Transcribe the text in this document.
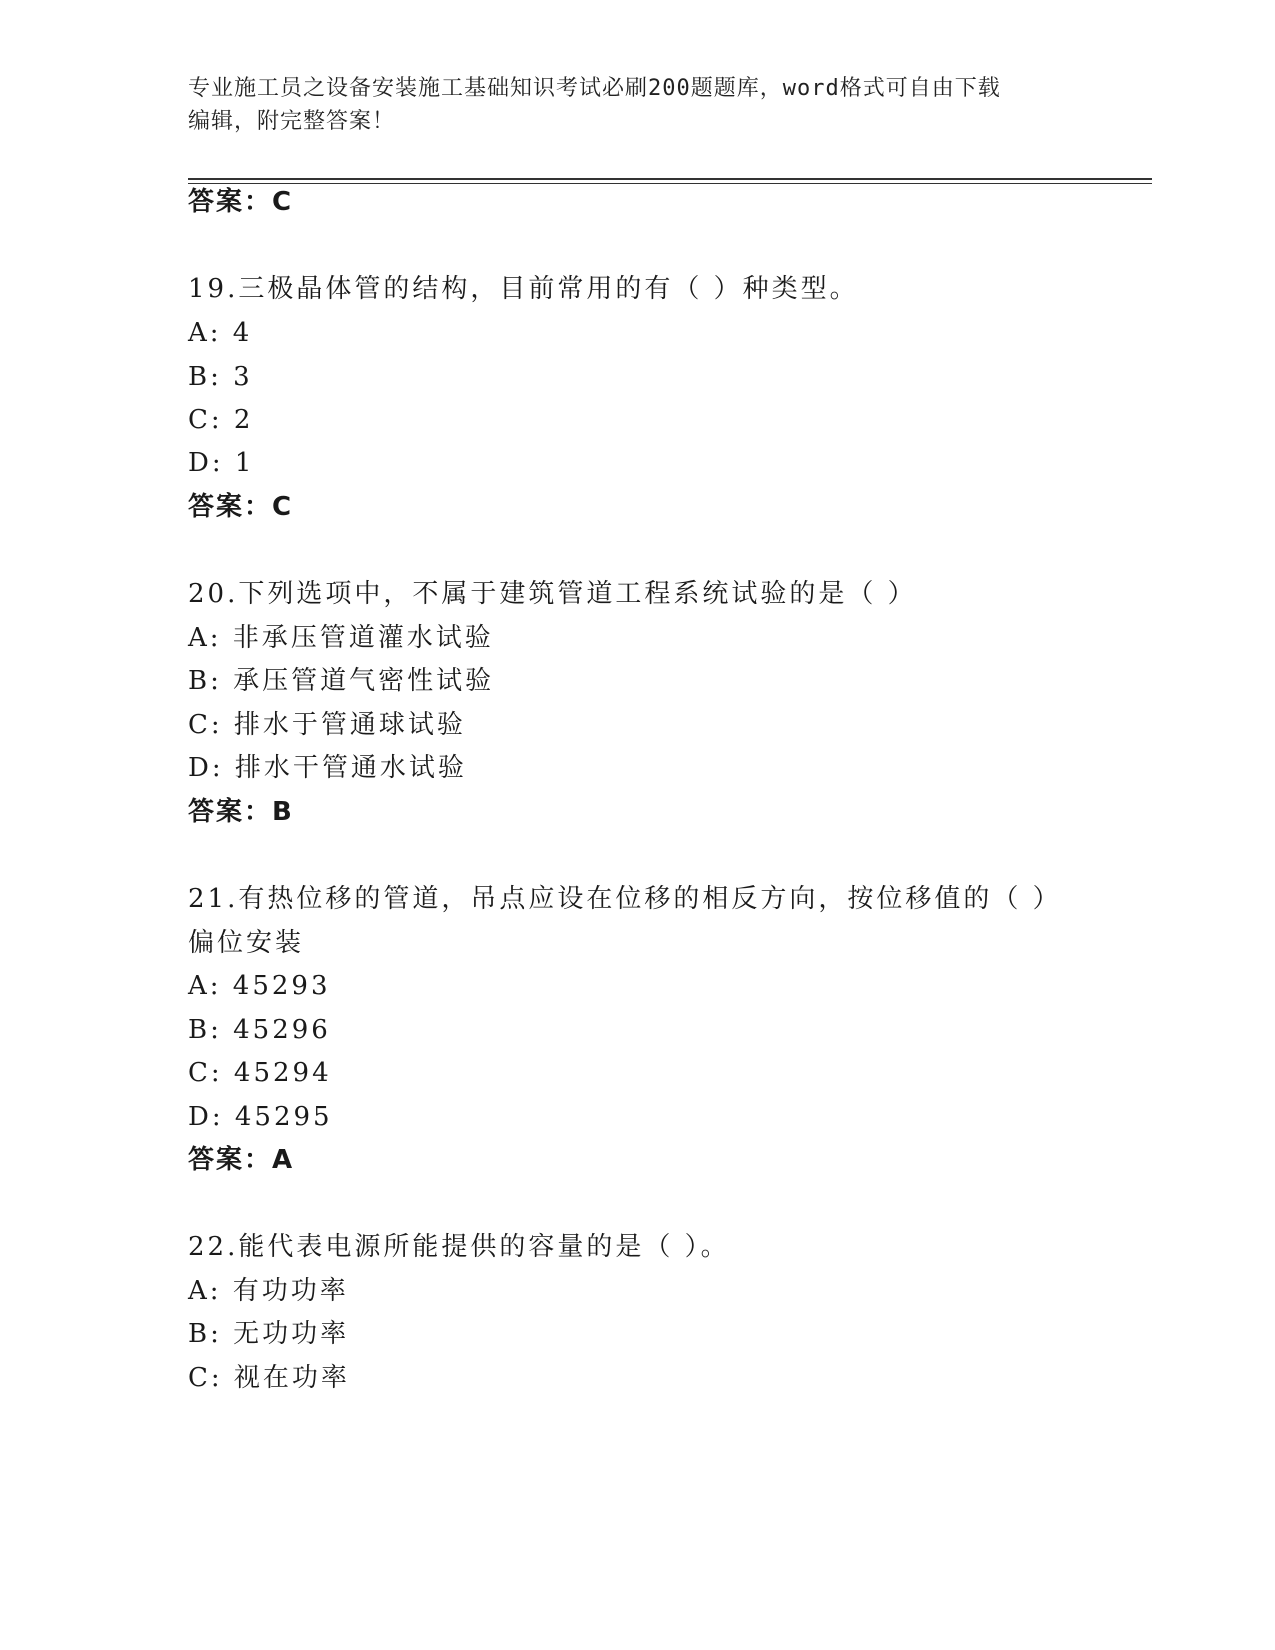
专业施工员之设备安装施工基础知识考试必刷200题题库，word格式可自由下载
编辑，附完整答案！
答案：C
19.三极晶体管的结构，目前常用的有（ ）种类型。
A: 4
B: 3
C: 2
D: 1
答案：C
20.下列选项中，不属于建筑管道工程系统试验的是（ ）
A: 非承压管道灌水试验
B: 承压管道气密性试验
C: 排水于管通球试验
D: 排水干管通水试验
答案：B
21.有热位移的管道，吊点应设在位移的相反方向，按位移值的（ ）
偏位安装
A: 45293
B: 45296
C: 45294
D: 45295
答案：A
22.能代表电源所能提供的容量的是（ ）。
A: 有功功率
B: 无功功率
C: 视在功率
